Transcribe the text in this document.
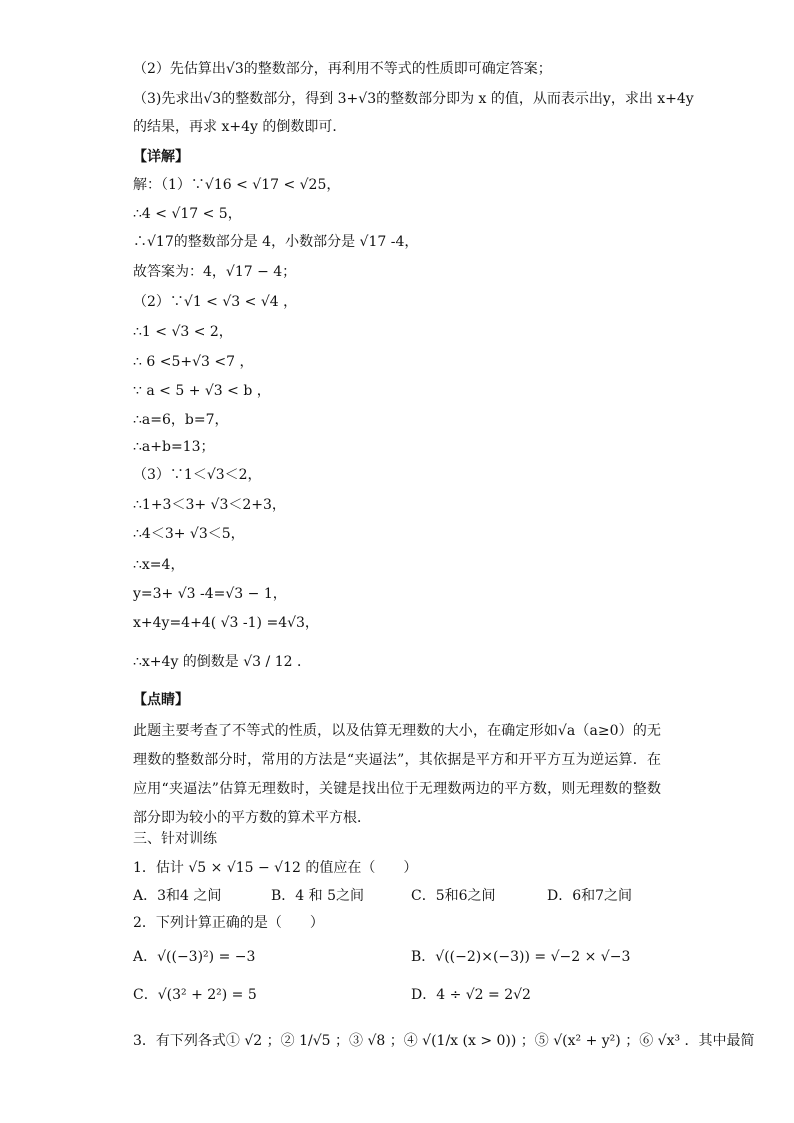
（2）先估算出√3的整数部分，再利用不等式的性质即可确定答案；
（3)先求出√3的整数部分，得到 3+√3的整数部分即为 x 的值，从而表示出y，求出 x+4y
的结果，再求 x+4y 的倒数即可．
【详解】
解：（1）∵√16 < √17 < √25，
∴4 < √17 < 5，
∴√17的整数部分是 4，小数部分是 √17 -4，
故答案为：4，√17 − 4；
（2）∵√1 < √3 < √4 ，
∴1 < √3 < 2，
∴ 6 <5+√3 <7 ，
∵ a < 5 + √3 < b ，
∴a=6，b=7，
∴a+b=13；
（3）∵1＜√3＜2，
∴1+3＜3+ √3＜2+3，
∴4＜3+ √3＜5，
∴x=4，
y=3+ √3 -4=√3 − 1，
x+4y=4+4( √3 -1) =4√3，
∴x+4y 的倒数是 √3 / 12 ．
【点睛】
此题主要考查了不等式的性质，以及估算无理数的大小，在确定形如√a（a≥0）的无理数的整数部分时，常用的方法是“夹逼法”，其依据是平方和开平方互为逆运算．在应用“夹逼法”估算无理数时，关键是找出位于无理数两边的平方数，则无理数的整数部分即为较小的平方数的算术平方根．
三、针对训练
1．估计 √5 × √15 − √12 的值应在（　　）
A．3和4 之间	B．4 和 5之间	C．5和6之间	D．6和7之间
2．下列计算正确的是（　　）
A．√((−3)²) = −3	B．√((−2)×(−3)) = √−2 × √−3
C．√(3² + 2²) = 5	D．4 ÷ √2 = 2√2
3．有下列各式① √2 ；② 1/√5 ；③ √8 ；④ √(1/x (x > 0)) ；⑤ √(x² + y²) ；⑥ √x³ ．其中最简
